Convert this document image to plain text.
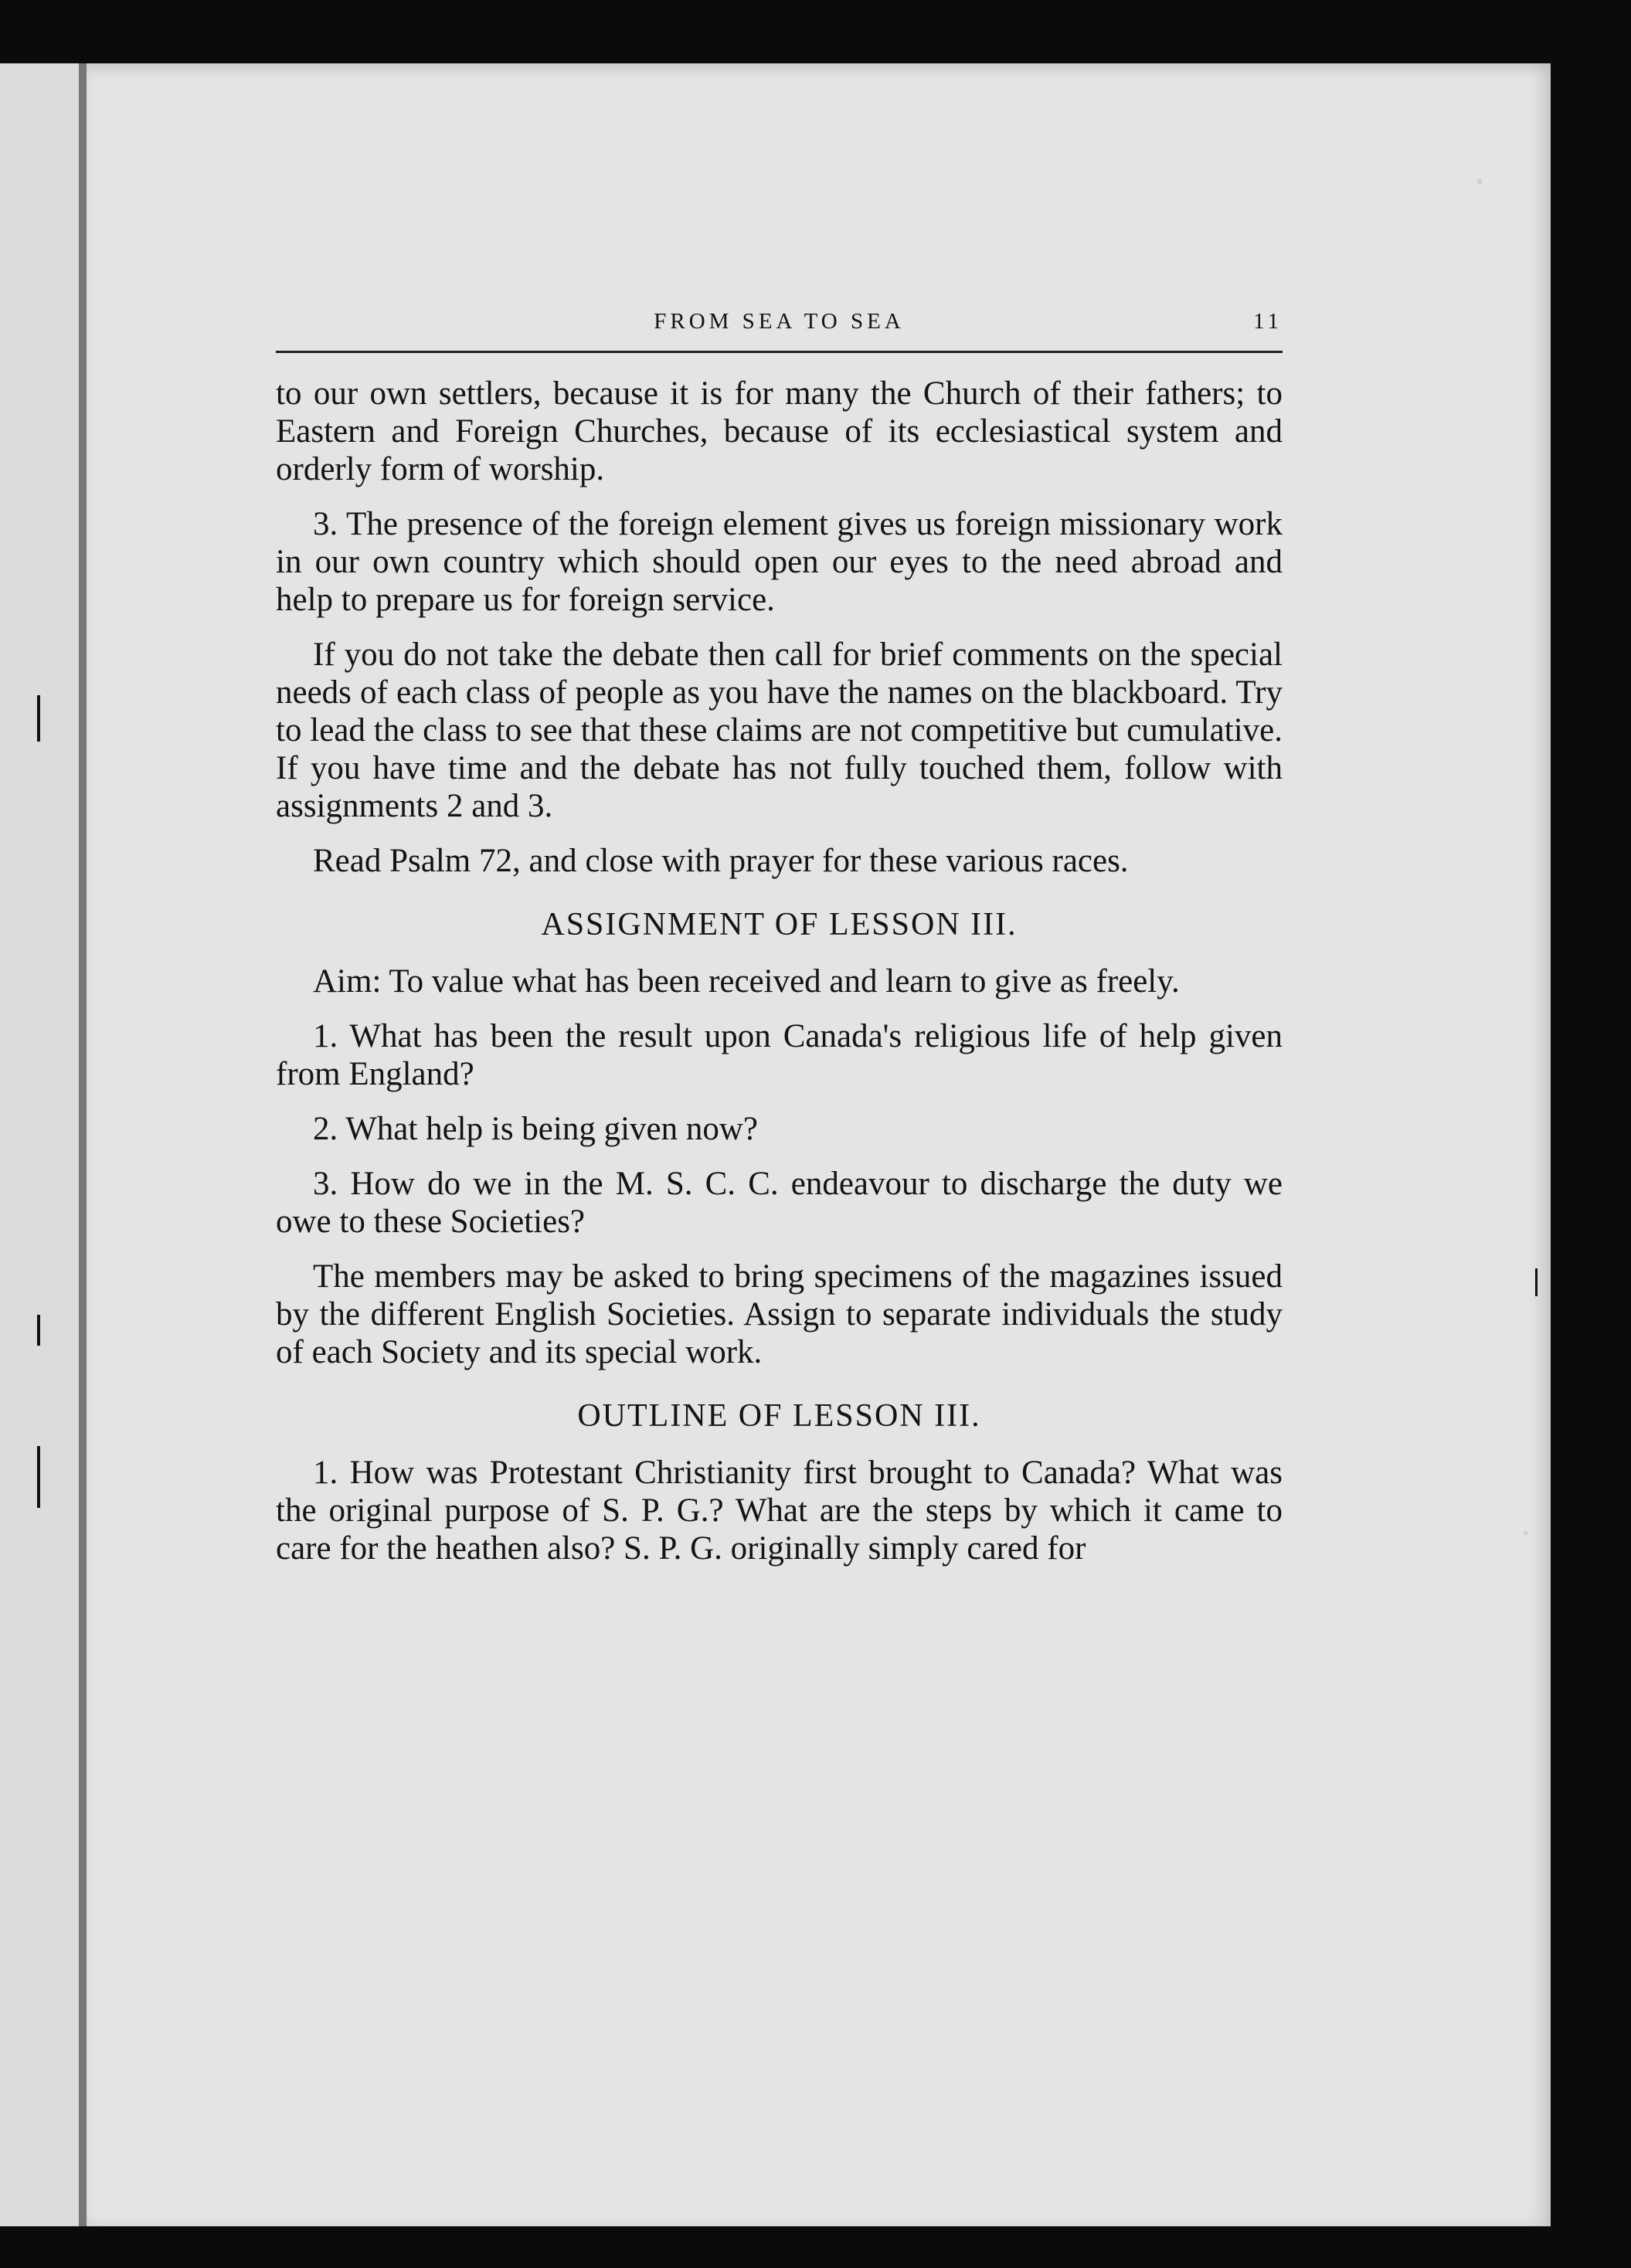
FROM SEA TO SEA	11

to our own settlers, because it is for many the Church of their fathers; to Eastern and Foreign Churches, because of its ecclesiastical system and orderly form of worship.

3. The presence of the foreign element gives us foreign missionary work in our own country which should open our eyes to the need abroad and help to prepare us for foreign service.

If you do not take the debate then call for brief comments on the special needs of each class of people as you have the names on the blackboard. Try to lead the class to see that these claims are not competitive but cumulative. If you have time and the debate has not fully touched them, follow with assignments 2 and 3.

Read Psalm 72, and close with prayer for these various races.

ASSIGNMENT OF LESSON III.

Aim: To value what has been received and learn to give as freely.

1. What has been the result upon Canada's religious life of help given from England?

2. What help is being given now?

3. How do we in the M. S. C. C. endeavour to discharge the duty we owe to these Societies?

The members may be asked to bring specimens of the magazines issued by the different English Societies. Assign to separate individuals the study of each Society and its special work.

OUTLINE OF LESSON III.

1. How was Protestant Christianity first brought to Canada? What was the original purpose of S. P. G.? What are the steps by which it came to care for the heathen also? S. P. G. originally simply cared for
